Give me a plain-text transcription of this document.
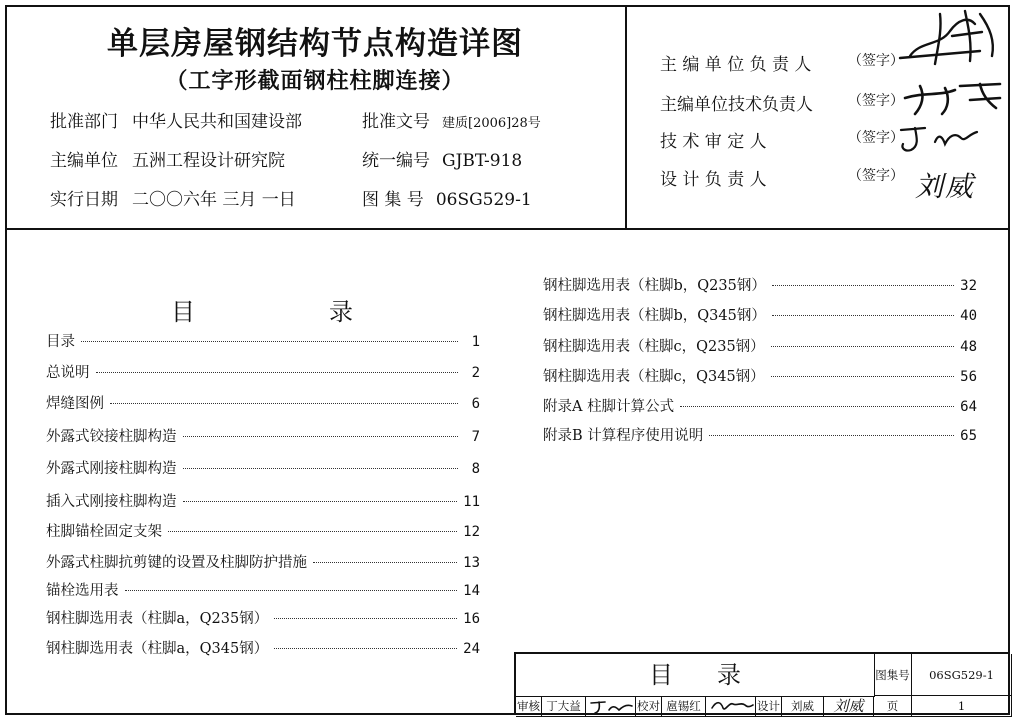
单层房屋钢结构节点构造详图
（工字形截面钢柱柱脚连接）
批准部门 中华人民共和国建设部
主编单位 五洲工程设计研究院
实行日期 二〇〇六年 三月 一日
批准文号 建质[2006]28号
统一编号 GJBT-918
图 集 号 06SG529-1
主 编 单 位 负 责 人	（签字）
主编单位技术负责人	（签字）
技 术 审 定 人	（签字）
设 计 负 责 人	（签字） 刘威
目	录
目录	1
总说明	2
焊缝图例	6
外露式铰接柱脚构造	7
外露式刚接柱脚构造	8
插入式刚接柱脚构造	11
柱脚锚栓固定支架	12
外露式柱脚抗剪键的设置及柱脚防护措施	13
锚栓选用表	14
钢柱脚选用表（柱脚a，Q235钢）	16
钢柱脚选用表（柱脚a，Q345钢）	24
钢柱脚选用表（柱脚b，Q235钢）	32
钢柱脚选用表（柱脚b，Q345钢）	40
钢柱脚选用表（柱脚c，Q235钢）	48
钢柱脚选用表（柱脚c，Q345钢）	56
附录A 柱脚计算公式	64
附录B 计算程序使用说明	65
目录	图集号	06SG529-1
审核 丁大益	校对 扈锡红	设计 刘威	刘威	页	1
